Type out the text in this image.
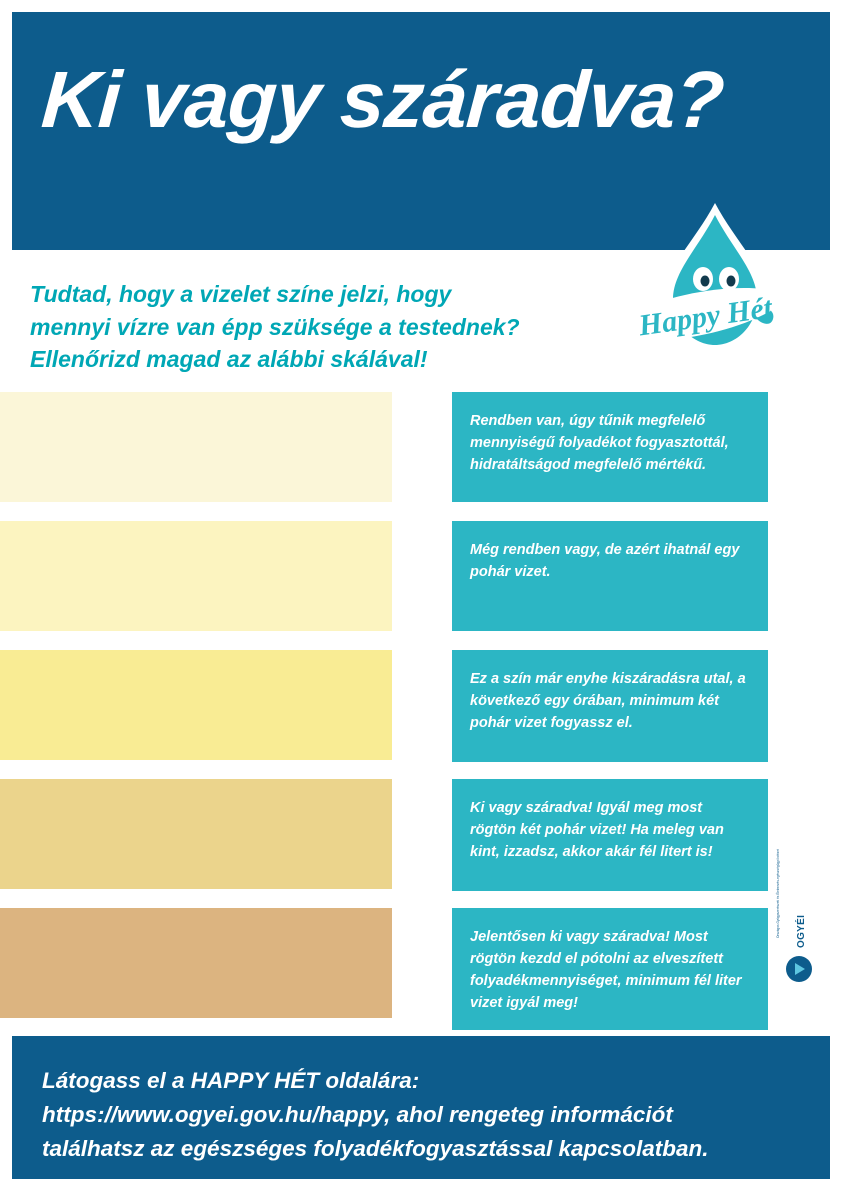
Ki vagy száradva?
Tudtad, hogy a vizelet színe jelzi, hogy
mennyi vízre van épp szüksége a testednek?
Ellenőrizd magad az alábbi skálával!
Happy Hét
Rendben van, úgy tűnik megfelelő mennyiségű folyadékot fogyasztottál, hidratáltságod megfelelő mértékű.
Még rendben vagy, de azért ihatnál egy pohár vizet.
Ez a szín már enyhe kiszáradásra utal, a következő egy órában, minimum két pohár vizet fogyassz el.
Ki vagy száradva! Igyál meg most rögtön két pohár vizet! Ha meleg van kint, izzadsz, akkor akár fél litert is!
Jelentősen ki vagy száradva! Most rögtön kezdd el pótolni az elveszített folyadékmennyiséget, minimum fél liter vizet igyál meg!
Országos Gyógyszerészeti és Élelmezés-egészségügyi Intézet OGYÉI
Látogass el a HAPPY HÉT oldalára:
https://www.ogyei.gov.hu/happy, ahol rengeteg információt
találhatsz az egészséges folyadékfogyasztással kapcsolatban.
